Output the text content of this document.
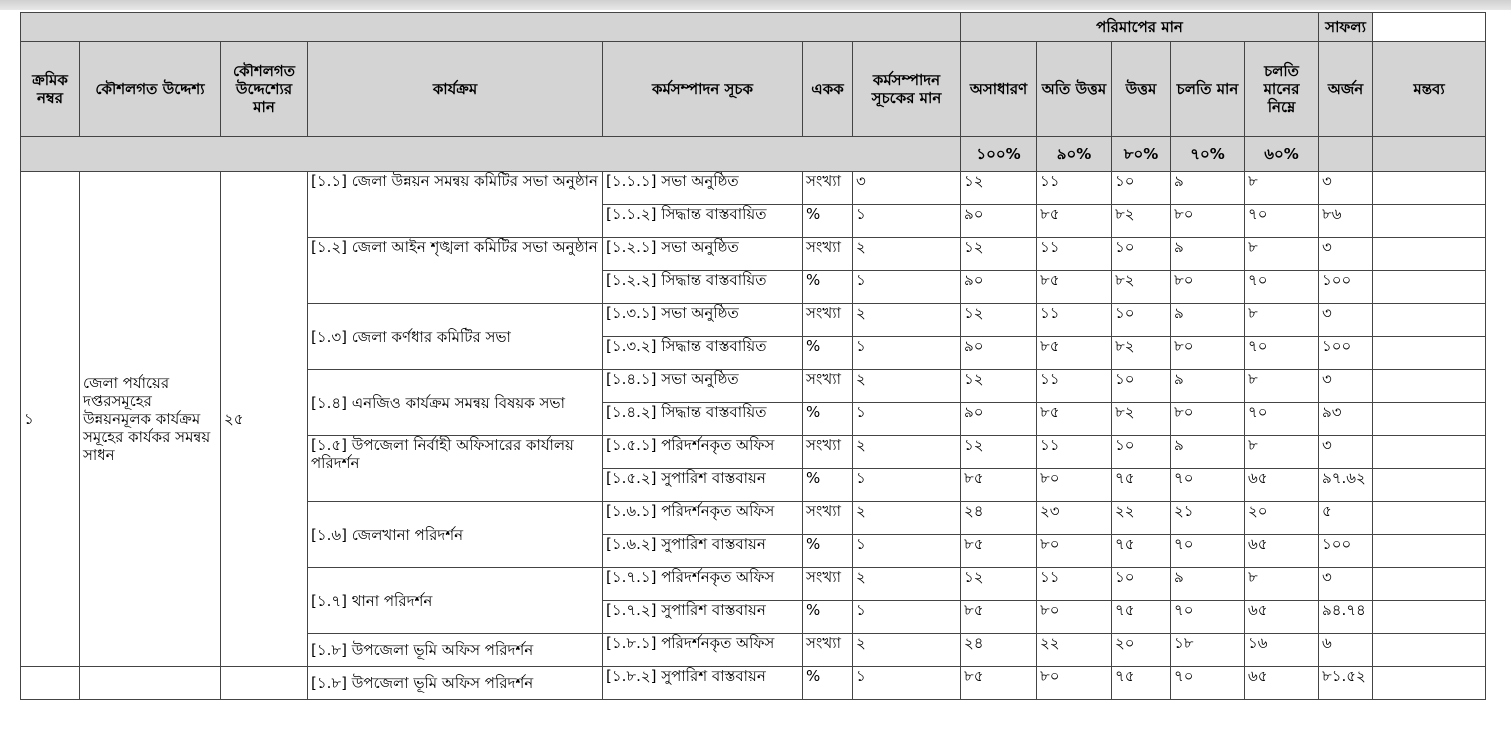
							পরিমাপের মান					সাফল্য		
ক্রমিক নম্বর	কৌশলগত উদ্দেশ্য	কৌশলগত উদ্দেশ্যের মান	কার্যক্রম	কর্মসম্পাদন সূচক	একক	কর্মসম্পাদন সূচকের মান	অসাধারণ	অতি উত্তম	উত্তম	চলতি মান	চলতি মানের নিম্নে	অর্জন	মন্তব্য	
							১০০%	৯০%	৮০%	৭০%	৬০%			
১	জেলা পর্যায়ের দপ্তরসমূহের উন্নয়নমূলক কার্যক্রম সমূহের কার্যকর সমন্বয় সাধন	২৫	[১.১] জেলা উন্নয়ন সমন্বয় কমিটির সভা অনুষ্ঠান	[১.১.১] সভা অনুষ্ঠিত	সংখ্যা	৩	১২	১১	১০	৯	৮	৩		
				[১.১.২] সিদ্ধান্ত বাস্তবায়িত	%	১	৯০	৮৫	৮২	৮০	৭০	৮৬		
			[১.২] জেলা আইন শৃঙ্খলা কমিটির সভা অনুষ্ঠান	[১.২.১] সভা অনুষ্ঠিত	সংখ্যা	২	১২	১১	১০	৯	৮	৩		
				[১.২.২] সিদ্ধান্ত বাস্তবায়িত	%	১	৯০	৮৫	৮২	৮০	৭০	১০০		
			[১.৩] জেলা কর্ণধার কমিটির সভা	[১.৩.১] সভা অনুষ্ঠিত	সংখ্যা	২	১২	১১	১০	৯	৮	৩		
				[১.৩.২] সিদ্ধান্ত বাস্তবায়িত	%	১	৯০	৮৫	৮২	৮০	৭০	১০০		
			[১.৪] এনজিও কার্যক্রম সমন্বয় বিষয়ক সভা	[১.৪.১] সভা অনুষ্ঠিত	সংখ্যা	২	১২	১১	১০	৯	৮	৩		
				[১.৪.২] সিদ্ধান্ত বাস্তবায়িত	%	১	৯০	৮৫	৮২	৮০	৭০	৯৩		
			[১.৫] উপজেলা নির্বাহী অফিসারের কার্যালয় পরিদর্শন	[১.৫.১] পরিদর্শনকৃত অফিস	সংখ্যা	২	১২	১১	১০	৯	৮	৩		
				[১.৫.২] সুপারিশ বাস্তবায়ন	%	১	৮৫	৮০	৭৫	৭০	৬৫	৯৭.৬২		
			[১.৬] জেলখানা পরিদর্শন	[১.৬.১] পরিদর্শনকৃত অফিস	সংখ্যা	২	২৪	২৩	২২	২১	২০	৫		
				[১.৬.২] সুপারিশ বাস্তবায়ন	%	১	৮৫	৮০	৭৫	৭০	৬৫	১০০		
			[১.৭] থানা পরিদর্শন	[১.৭.১] পরিদর্শনকৃত অফিস	সংখ্যা	২	১২	১১	১০	৯	৮	৩		
				[১.৭.২] সুপারিশ বাস্তবায়ন	%	১	৮৫	৮০	৭৫	৭০	৬৫	৯৪.৭৪		
			[১.৮] উপজেলা ভূমি অফিস পরিদর্শন	[১.৮.১] পরিদর্শনকৃত অফিস	সংখ্যা	২	২৪	২২	২০	১৮	১৬	৬		
			[১.৮] উপজেলা ভূমি অফিস পরিদর্শন	[১.৮.২] সুপারিশ বাস্তবায়ন	%	১	৮৫	৮০	৭৫	৭০	৬৫	৮১.৫২		
